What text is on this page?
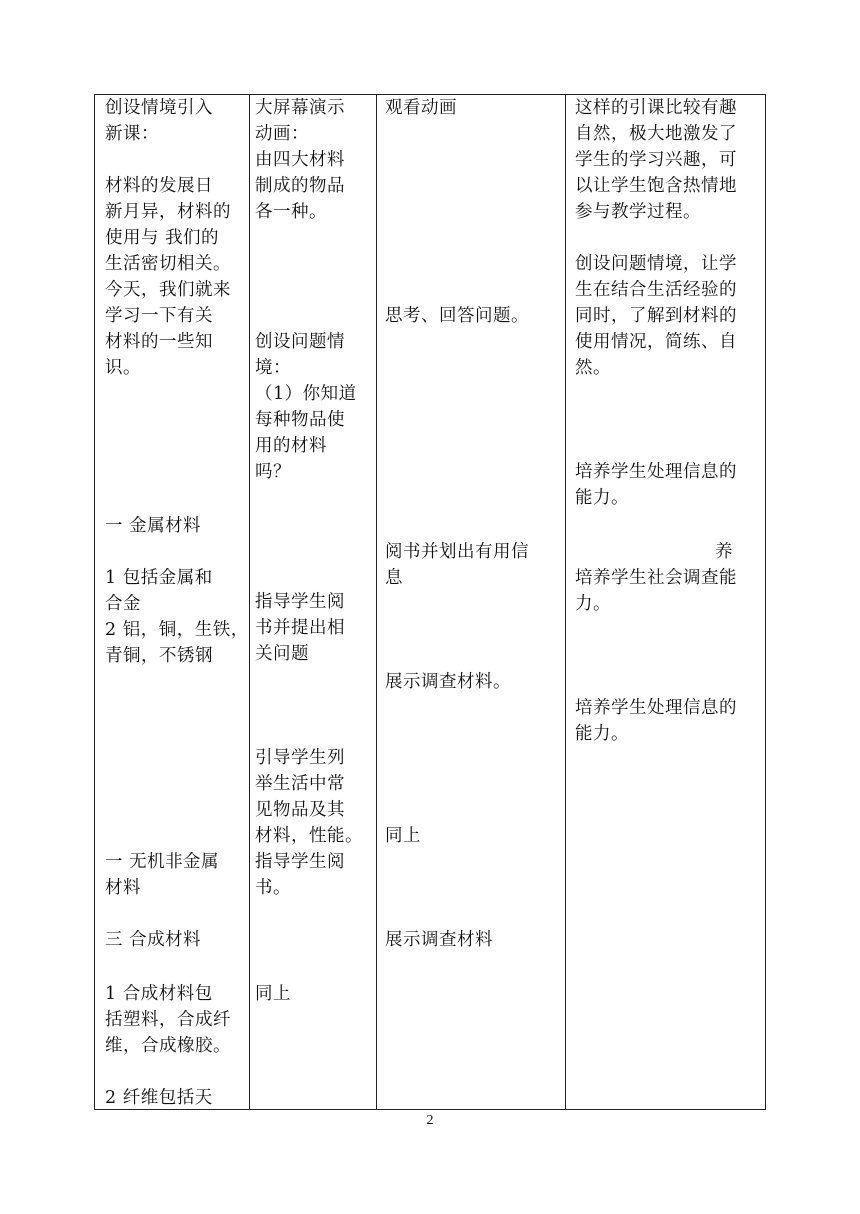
创设情境引入
新课：
材料的发展日
新月异，材料的
使用与 我们的
生活密切相关。
今天，我们就来
学习一下有关
材料的一些知
识。
一 金属材料
1 包括金属和
合金
2 铝，铜，生铁，
青铜，不锈钢
一 无机非金属
材料
三 合成材料
1 合成材料包
括塑料，合成纤
维，合成橡胶。
2 纤维包括天
大屏幕演示
动画：
由四大材料
制成的物品
各一种。
创设问题情
境：
（1）你知道
每种物品使
用的材料
吗？
指导学生阅
书并提出相
关问题
引导学生列
举生活中常
见物品及其
材料，性能。
指导学生阅
书。
同上
观看动画
思考、回答问题。
阅书并划出有用信
息
展示调查材料。
同上
展示调查材料
这样的引课比较有趣
自然，极大地激发了
学生的学习兴趣，可
以让学生饱含热情地
参与教学过程。
创设问题情境，让学
生在结合生活经验的
同时，了解到材料的
使用情况，简练、自
然。
培养学生处理信息的
能力。
养
培养学生社会调查能
力。
培养学生处理信息的
能力。
2
